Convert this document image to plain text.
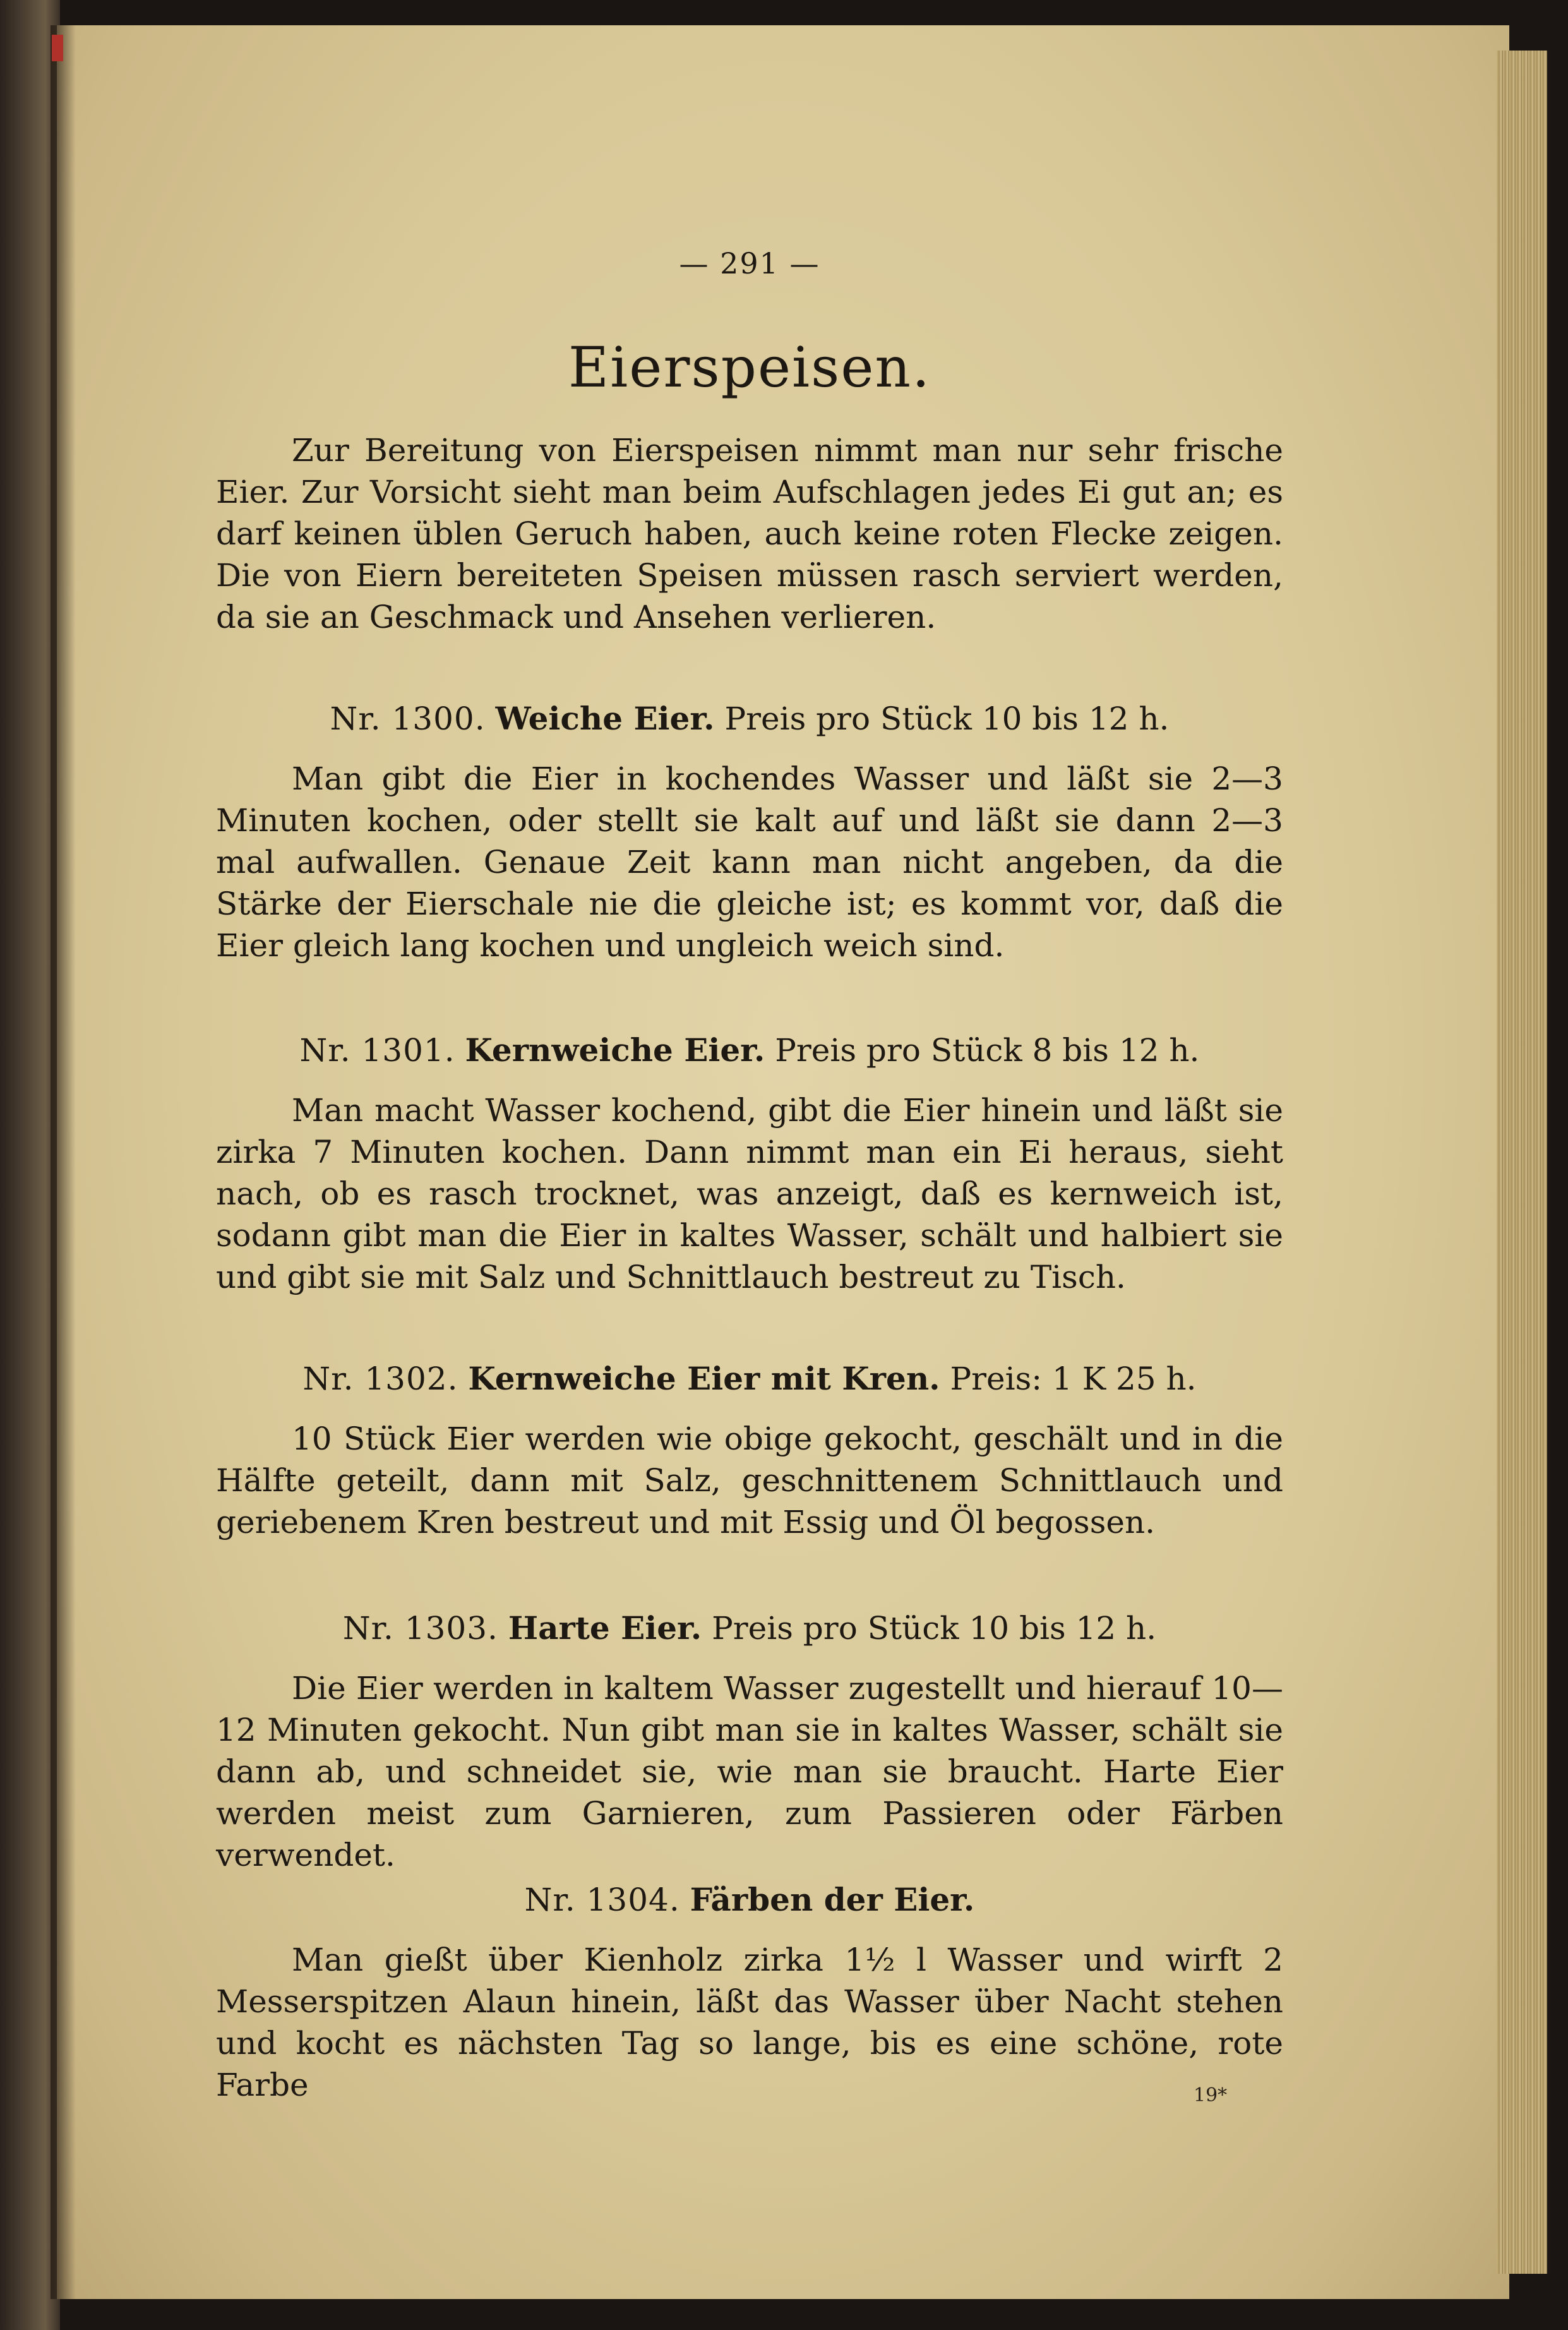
— 291 —
Eierspeisen.
Zur Bereitung von Eierspeisen nimmt man nur sehr frische Eier. Zur Vorsicht sieht man beim Aufschlagen jedes Ei gut an; es darf keinen üblen Geruch haben, auch keine roten Flecke zeigen. Die von Eiern bereiteten Speisen müssen rasch serviert werden, da sie an Geschmack und Ansehen verlieren.
Nr. 1300. Weiche Eier. Preis pro Stück 10 bis 12 h.
Man gibt die Eier in kochendes Wasser und läßt sie 2—3 Minuten kochen, oder stellt sie kalt auf und läßt sie dann 2—3 mal aufwallen. Genaue Zeit kann man nicht angeben, da die Stärke der Eierschale nie die gleiche ist; es kommt vor, daß die Eier gleich lang kochen und ungleich weich sind.
Nr. 1301. Kernweiche Eier. Preis pro Stück 8 bis 12 h.
Man macht Wasser kochend, gibt die Eier hinein und läßt sie zirka 7 Minuten kochen. Dann nimmt man ein Ei heraus, sieht nach, ob es rasch trocknet, was anzeigt, daß es kernweich ist, sodann gibt man die Eier in kaltes Wasser, schält und halbiert sie und gibt sie mit Salz und Schnittlauch bestreut zu Tisch.
Nr. 1302. Kernweiche Eier mit Kren. Preis: 1 K 25 h.
10 Stück Eier werden wie obige gekocht, geschält und in die Hälfte geteilt, dann mit Salz, geschnittenem Schnittlauch und geriebenem Kren bestreut und mit Essig und Öl begossen.
Nr. 1303. Harte Eier. Preis pro Stück 10 bis 12 h.
Die Eier werden in kaltem Wasser zugestellt und hierauf 10—12 Minuten gekocht. Nun gibt man sie in kaltes Wasser, schält sie dann ab, und schneidet sie, wie man sie braucht. Harte Eier werden meist zum Garnieren, zum Passieren oder Färben verwendet.
Nr. 1304. Färben der Eier.
Man gießt über Kienholz zirka 1½ l Wasser und wirft 2 Messerspitzen Alaun hinein, läßt das Wasser über Nacht stehen und kocht es nächsten Tag so lange, bis es eine schöne, rote Farbe	19*
